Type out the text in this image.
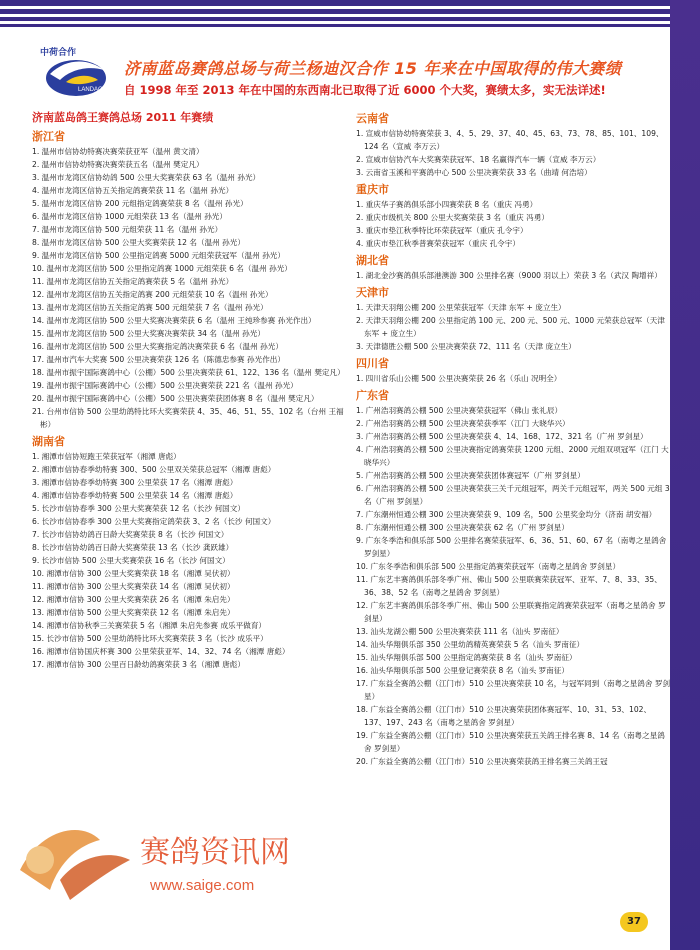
中荷合作
LANDAO
济南蓝岛赛鸽总场与荷兰杨迪汉合作 15 年来在中国取得的伟大赛绩
自 1998 年至 2013 年在中国的东西南北已取得了近 6000 个大奖，赛绩太多，实无法详述!
济南蓝岛鸽王赛鸽总场 2011 年赛绩
浙江省
1. 温州市信协幼特赛决赛荣获亚军（温州 黄文清）
2. 温州市信协幼特赛决赛荣获五名（温州 樊定凡）
3. 温州市龙湾区信协幼鸽 500 公里大奖赛荣获 63 名（温州 孙光）
4. 温州市龙湾区信协五关指定鸽赛荣获 11 名（温州 孙光）
5. 温州市龙湾区信协 200 元组指定鸽赛荣获 8 名（温州 孙光）
6. 温州市龙湾区信协 1000 元组荣获 13 名（温州 孙光）
7. 温州市龙湾区信协 500 元组荣获 11 名（温州 孙光）
8. 温州市龙湾区信协 500 公里大奖赛荣获 12 名（温州 孙光）
9. 温州市龙湾区信协 500 公里指定鸽赛 5000 元组荣获冠军（温州 孙光）
10. 温州市龙湾区信协 500 公里指定鸽赛 1000 元组荣获 6 名（温州 孙光）
11. 温州市龙湾区信协五关指定鸽赛荣获 5 名（温州 孙光）
12. 温州市龙湾区信协五关指定鸽赛 200 元组荣获 10 名（温州 孙光）
13. 温州市龙湾区信协五关指定鸽赛 500 元组荣获 7 名（温州 孙光）
14. 温州市龙湾区信协 500 公里大奖赛决赛荣获 6 名（温州 王纯珍参赛 孙光作出）
15. 温州市龙湾区信协 500 公里大奖赛决赛荣获 34 名（温州 孙光）
16. 温州市龙湾区信协 500 公里大奖赛指定鸽决赛荣获 6 名（温州 孙光）
17. 温州市汽车大奖赛 500 公里决赛荣获 126 名（陈德忠参赛 孙光作出）
18. 温州市振宇国际赛鸽中心（公棚）500 公里决赛荣获 61、122、136 名（温州 樊定凡）
19. 温州市振宇国际赛鸽中心（公棚）500 公里决赛荣获 221 名（温州 孙光）
20. 温州市振宇国际赛鸽中心（公棚）500 公里决赛荣获团体赛 8 名（温州 樊定凡）
21. 台州市信协 500 公里幼鸽特比环大奖赛荣获 4、35、46、51、55、102 名（台州 王福彬）
湖南省
1. 湘潭市信协短跑王荣获冠军（湘潭 唐彪）
2. 湘潭市信协春季幼特赛 300、500 公里双关荣获总冠军（湘潭 唐彪）
3. 湘潭市信协春季幼特赛 300 公里荣获 17 名（湘潭 唐彪）
4. 湘潭市信协春季幼特赛 500 公里荣获 14 名（湘潭 唐彪）
5. 长沙市信协春季 300 公里大奖赛荣获 12 名（长沙 何国文）
6. 长沙市信协春季 300 公里大奖赛指定鸽荣获 3、2 名（长沙 何国文）
7. 长沙市信协幼鸽百日龄大奖赛荣获 8 名（长沙 何国文）
8. 长沙市信协幼鸽百日龄大奖赛荣获 13 名（长沙 龚跃雄）
9. 长沙市信协 500 公里大奖赛荣获 16 名（长沙 何国文）
10. 湘潭市信协 300 公里大奖赛荣获 18 名（湘潭 吴伏初）
11. 湘潭市信协 300 公里大奖赛荣获 14 名（湘潭 吴伏初）
12. 湘潭市信协 300 公里大奖赛荣获 26 名（湘潭 朱启先）
13. 湘潭市信协 500 公里大奖赛荣获 12 名（湘潭 朱启先）
14. 湘潭市信协秋季三关赛荣获 5 名（湘潭 朱启先参赛 成乐平做育）
15. 长沙市信协 500 公里幼鸽特比环大奖赛荣获 3 名（长沙 成乐平）
16. 湘潭市信协国庆杯赛 300 公里荣获亚军、14、32、74 名（湘潭 唐彪）
17. 湘潭市信协 300 公里百日龄幼鸽赛荣获 3 名（湘潭 唐彪）
云南省
1. 宣威市信协幼特赛荣获 3、4、5、29、37、40、45、63、73、78、85、101、109、124 名（宣威 李万云）
2. 宣威市信协汽车大奖赛荣获冠军、18 名赢得汽车一辆（宣威 李万云）
3. 云南省玉溪和平赛鸽中心 500 公里决赛荣获 33 名（曲靖 何浩培）
重庆市
1. 重庆华子赛鸽俱乐部小四赛荣获 8 名（重庆 冯勇）
2. 重庆市级机关 800 公里大奖赛荣获 3 名（重庆 冯勇）
3. 重庆市垫江秋季特比环荣获冠军（重庆 孔令宇）
4. 重庆市垫江秋季普赛荣获冠军（重庆 孔令宇）
湖北省
1. 湖北金沙赛鸽俱乐部港澳游 300 公里排名赛（9000 羽以上）荣获 3 名（武汉 陶增祥）
天津市
1. 天津天羽翔公棚 200 公里荣获冠军（天津 东军 + 庞立生）
2. 天津天羽翔公棚 200 公里指定鸽 100 元、200 元、500 元、1000 元荣获总冠军（天津 东军 + 庞立生）
3. 天津德胜公棚 500 公里决赛荣获 72、111 名（天津 庞立生）
四川省
1. 四川省乐山公棚 500 公里决赛荣获 26 名（乐山 况明全）
广东省
1. 广州浩羽赛鸽公棚 500 公里决赛荣获冠军（佛山 张礼辰）
2. 广州浩羽赛鸽公棚 500 公里决赛荣获季军（江门 大晓华兴）
3. 广州浩羽赛鸽公棚 500 公里决赛荣获 4、14、168、172、321 名（广州 罗剑星）
4. 广州浩羽赛鸽公棚 500 公里决赛指定鸽赛荣获 1200 元组、2000 元组双项冠军（江门 大晓华兴）
5. 广州浩羽赛鸽公棚 500 公里决赛荣获团体赛冠军（广州 罗剑星）
6. 广州浩羽赛鸽公棚 500 公里决赛荣获三关千元组冠军，两关千元组冠军，两关 500 元组 3 名（广州 罗剑星）
7. 广东潮州恒通公棚 300 公里决赛荣获 9、109 名，500 公里奖金均分（济南 胡安福）
8. 广东潮州恒通公棚 300 公里决赛荣获 62 名（广州 罗剑星）
9. 广东冬季浩和俱乐部 500 公里排名赛荣获冠军、6、36、51、60、67 名（南粤之星鸽舍 罗剑星）
10. 广东冬季浩和俱乐部 500 公里指定鸽赛荣获冠军（南粤之星鸽舍 罗剑星）
11. 广东艺丰赛鸽俱乐部冬季广州、佛山 500 公里联赛荣获冠军、亚军、7、8、33、35、36、38、52 名（南粤之星鸽舍 罗剑星）
12. 广东艺丰赛鸽俱乐部冬季广州、佛山 500 公里联赛指定鸽赛荣获冠军（南粤之星鸽舍 罗剑星）
13. 汕头龙湖公棚 500 公里决赛荣获 111 名（汕头 罗南征）
14. 汕头华翔俱乐部 350 公里幼鸽精英赛荣获 5 名（汕头 罗南征）
15. 汕头华翔俱乐部 500 公里指定鸽赛荣获 8 名（汕头 罗南征）
16. 汕头华翔俱乐部 500 公里登记赛荣获 8 名（汕头 罗南征）
17. 广东益全赛鸽公棚（江门市）510 公里决赛荣获 10 名，与冠军同到（南粤之星鸽舍 罗剑星）
18. 广东益全赛鸽公棚（江门市）510 公里决赛荣获团体赛冠军、10、31、53、102、137、197、243 名（南粤之星鸽舍 罗剑星）
19. 广东益全赛鸽公棚（江门市）510 公里决赛荣获五关鸽王排名赛 8、14 名（南粤之星鸽舍 罗剑星）
20. 广东益全赛鸽公棚（江门市）510 公里决赛荣获鸽王排名赛三关鸽王冠
赛鸽资讯网
www.saige.com
37
